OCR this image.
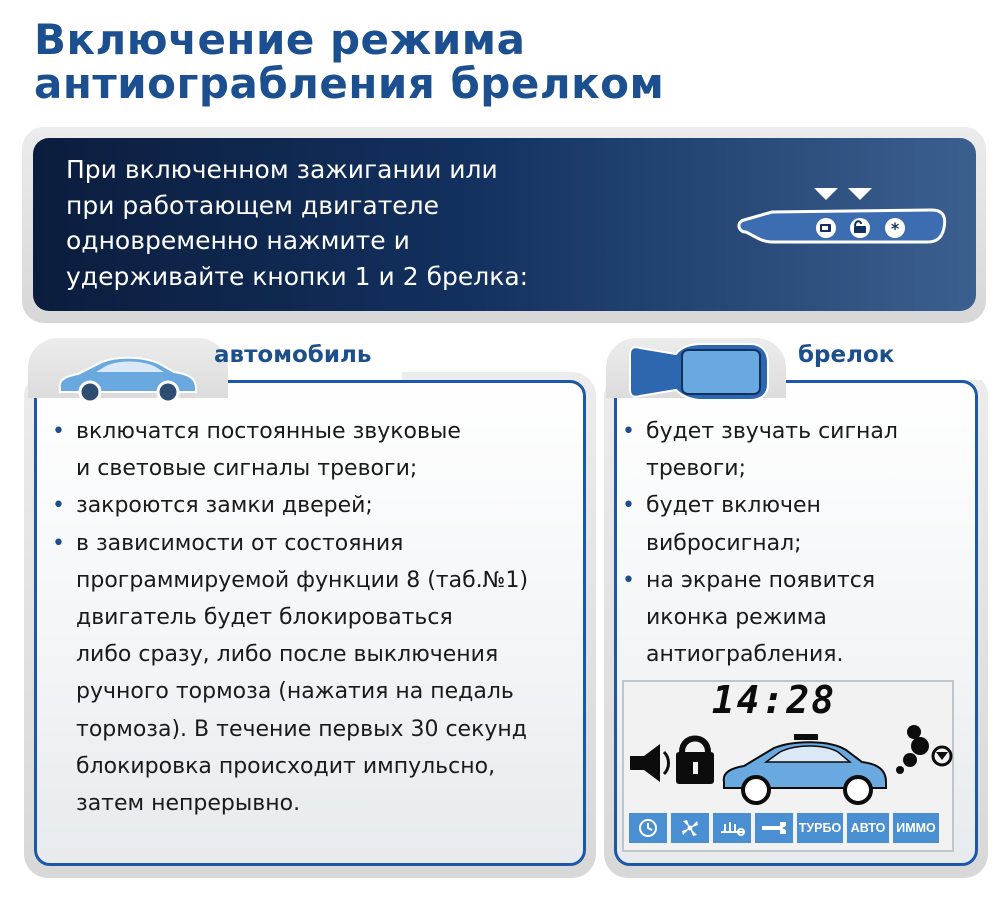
Включение режима
антиограбления брелком
При включенном зажигании или
при работающем двигателе
одновременно нажмите и
удерживайте кнопки 1 и 2 брелка:
*
автомобиль
• включатся постоянные звуковые
и световые сигналы тревоги;
• закроются замки дверей;
• в зависимости от состояния
программируемой функции 8 (таб.№1)
двигатель будет блокироваться
либо сразу, либо после выключения
ручного тормоза (нажатия на педаль
тормоза). В течение первых 30 секунд
блокировка происходит импульсно,
затем непрерывно.
брелок
• будет звучать сигнал
тревоги;
• будет включен
вибросигнал;
• на экране появится
иконка режима
антиограбления.
14:28
ТУРБО АВТО ИММО
